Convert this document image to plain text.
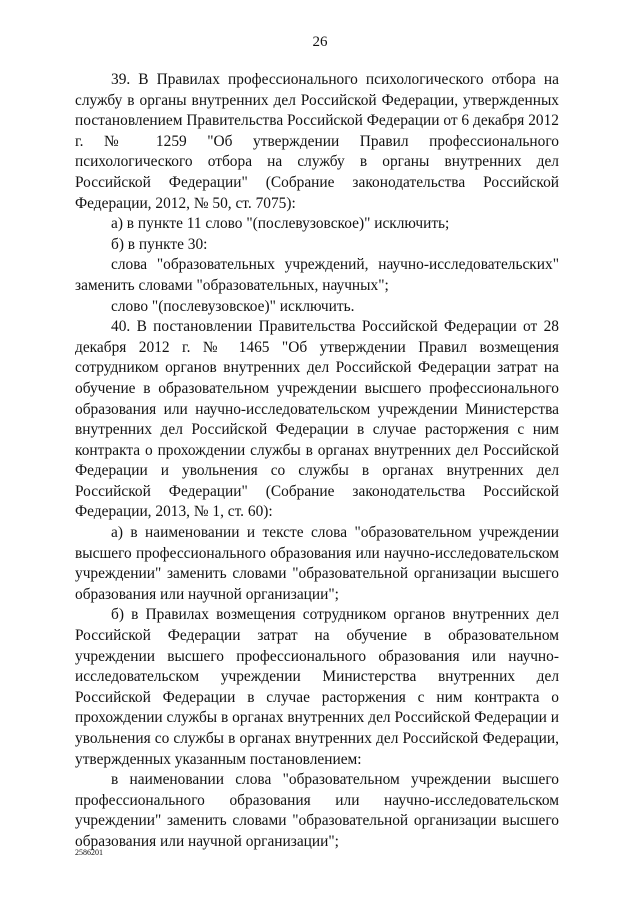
26

39. В Правилах профессионального психологического отбора на службу в органы внутренних дел Российской Федерации, утвержденных постановлением Правительства Российской Федерации от 6 декабря 2012 г. № 1259 "Об утверждении Правил профессионального психологического отбора на службу в органы внутренних дел Российской Федерации" (Собрание законодательства Российской Федерации, 2012, № 50, ст. 7075):

а) в пункте 11 слово "(послевузовское)" исключить;

б) в пункте 30:

слова "образовательных учреждений, научно-исследовательских" заменить словами "образовательных, научных";

слово "(послевузовское)" исключить.

40. В постановлении Правительства Российской Федерации от 28 декабря 2012 г. № 1465 "Об утверждении Правил возмещения сотрудником органов внутренних дел Российской Федерации затрат на обучение в образовательном учреждении высшего профессионального образования или научно-исследовательском учреждении Министерства внутренних дел Российской Федерации в случае расторжения с ним контракта о прохождении службы в органах внутренних дел Российской Федерации и увольнения со службы в органах внутренних дел Российской Федерации" (Собрание законодательства Российской Федерации, 2013, № 1, ст. 60):

а) в наименовании и тексте слова "образовательном учреждении высшего профессионального образования или научно-исследовательском учреждении" заменить словами "образовательной организации высшего образования или научной организации";

б) в Правилах возмещения сотрудником органов внутренних дел Российской Федерации затрат на обучение в образовательном учреждении высшего профессионального образования или научно-исследовательском учреждении Министерства внутренних дел Российской Федерации в случае расторжения с ним контракта о прохождении службы в органах внутренних дел Российской Федерации и увольнения со службы в органах внутренних дел Российской Федерации, утвержденных указанным постановлением:

в наименовании слова "образовательном учреждении высшего профессионального образования или научно-исследовательском учреждении" заменить словами "образовательной организации высшего образования или научной организации";

2586201
